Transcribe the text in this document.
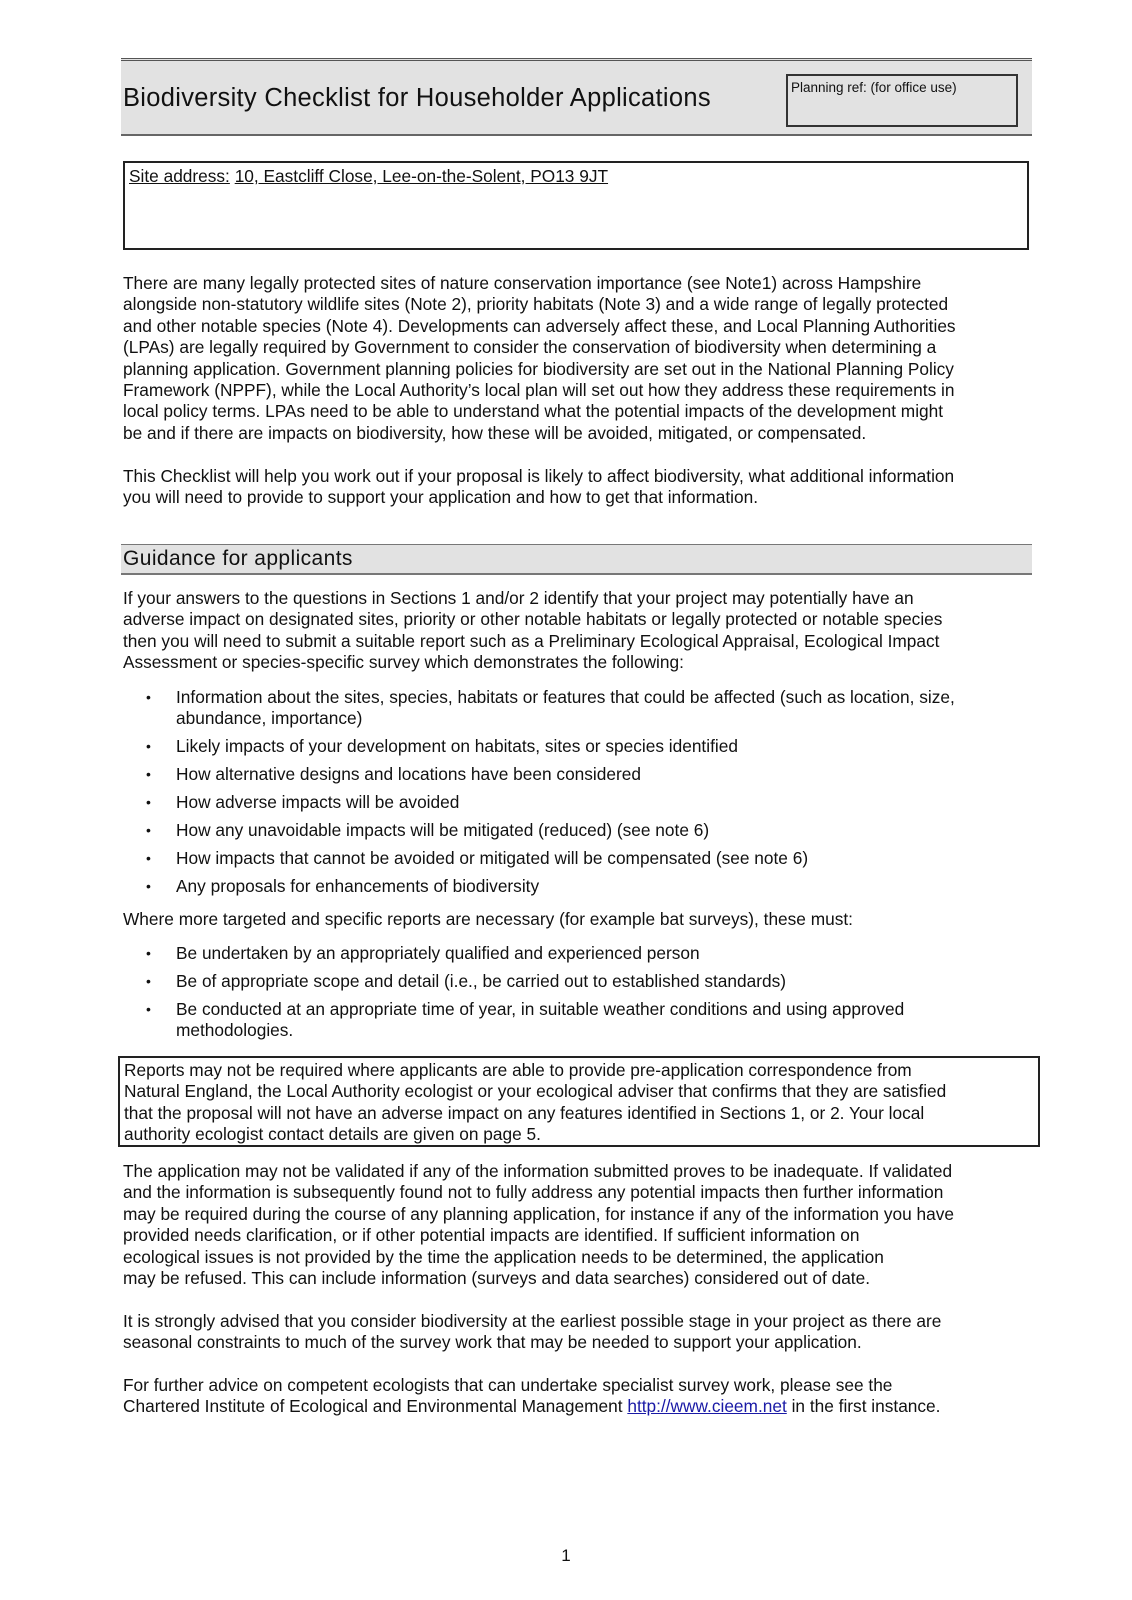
Biodiversity Checklist for Householder Applications	Planning ref: (for office use)
Site address: 10, Eastcliff Close, Lee-on-the-Solent, PO13 9JT
There are many legally protected sites of nature conservation importance (see Note1) across Hampshire
alongside non-statutory wildlife sites (Note 2), priority habitats (Note 3) and a wide range of legally protected
and other notable species (Note 4). Developments can adversely affect these, and Local Planning Authorities
(LPAs) are legally required by Government to consider the conservation of biodiversity when determining a
planning application. Government planning policies for biodiversity are set out in the National Planning Policy
Framework (NPPF), while the Local Authority’s local plan will set out how they address these requirements in
local policy terms. LPAs need to be able to understand what the potential impacts of the development might
be and if there are impacts on biodiversity, how these will be avoided, mitigated, or compensated.
This Checklist will help you work out if your proposal is likely to affect biodiversity, what additional information
you will need to provide to support your application and how to get that information.
Guidance for applicants
If your answers to the questions in Sections 1 and/or 2 identify that your project may potentially have an
adverse impact on designated sites, priority or other notable habitats or legally protected or notable species
then you will need to submit a suitable report such as a Preliminary Ecological Appraisal, Ecological Impact
Assessment or species-specific survey which demonstrates the following:
• Information about the sites, species, habitats or features that could be affected (such as location, size,
abundance, importance)
• Likely impacts of your development on habitats, sites or species identified
• How alternative designs and locations have been considered
• How adverse impacts will be avoided
• How any unavoidable impacts will be mitigated (reduced) (see note 6)
• How impacts that cannot be avoided or mitigated will be compensated (see note 6)
• Any proposals for enhancements of biodiversity
Where more targeted and specific reports are necessary (for example bat surveys), these must:
• Be undertaken by an appropriately qualified and experienced person
• Be of appropriate scope and detail (i.e., be carried out to established standards)
• Be conducted at an appropriate time of year, in suitable weather conditions and using approved
methodologies.
Reports may not be required where applicants are able to provide pre-application correspondence from
Natural England, the Local Authority ecologist or your ecological adviser that confirms that they are satisfied
that the proposal will not have an adverse impact on any features identified in Sections 1, or 2. Your local
authority ecologist contact details are given on page 5.
The application may not be validated if any of the information submitted proves to be inadequate. If validated
and the information is subsequently found not to fully address any potential impacts then further information
may be required during the course of any planning application, for instance if any of the information you have
provided needs clarification, or if other potential impacts are identified. If sufficient information on
ecological issues is not provided by the time the application needs to be determined, the application
may be refused. This can include information (surveys and data searches) considered out of date.
It is strongly advised that you consider biodiversity at the earliest possible stage in your project as there are
seasonal constraints to much of the survey work that may be needed to support your application.
For further advice on competent ecologists that can undertake specialist survey work, please see the
Chartered Institute of Ecological and Environmental Management http://www.cieem.net in the first instance.
1
